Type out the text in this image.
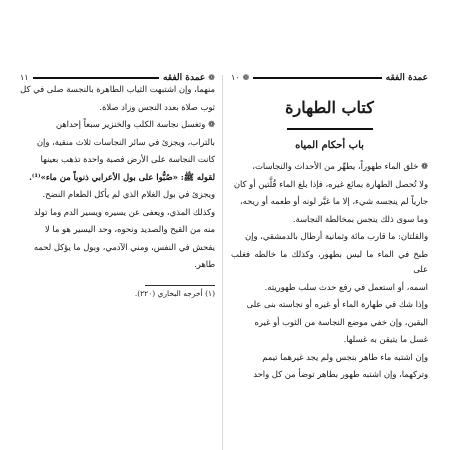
عمدة الفقه
❁
١٠
كتاب الطهارة
باب أحكام المياه

❁ خلق الماء طهوراً، يطهِّر من الأحداث والنجاسات،

ولا تُحصل الطهارة بمائع غيره، فإذا بلغ الماء قُلَّتين أو كان

جارياً لم ينجسه شيء، إلا ما غيَّر لونه أو طعمه أو ريحه،

وما سوى ذلك ينجس بمخالطة النجاسة.

والقلتان: ما قارب مائة وثمانية أرطال بالدمشقي، وإن

طبخ في الماء ما ليس بطهور، وكذلك ما خالطه فغلب على

اسمه، أو استعمل في رفع حدث سلب طهوريته.

وإذا شك في طهارة الماء أو غيره أو نجاسته بنى على

اليقين، وإن خفي موضع النجاسة من الثوب أو غيره

غسل ما يتيقن به غسلها.

وإن اشتبه ماء طاهر بنجس ولم يجد غيرهما تيمم

وتركهما، وإن اشتبه طهور بطاهر توضأ من كل واحد

❁
عمدة الفقه
١١

منهما، وإن اشتبهت الثياب الطاهرة بالنجسة صلى في كل

ثوب صلاة بعدد النجس وزاد صلاة.

❁ وتغسل نجاسة الكلب والخنزير سبعاً إحداهن

بالتراب، ويجزئ في سائر النجاسات ثلاث منقية، وإن

كانت النجاسة على الأرض فصبة واحدة تذهب بعينها

لقوله ﷺ: «صُبُّوا على بول الأعرابي ذنوباً من ماء»⁽¹⁾.

ويجزئ في بول الغلام الذي لم يأكل الطعام النضح.

وكذلك المذي، ويعفى عن يسيره ويسير الدم وما تولد

منه من القيح والصديد ونحوه، وحد اليسير هو ما لا

يفحش في النفس، ومني الآدمي، وبول ما يؤكل لحمه

طاهر.

(١) أخرجه البخاري (٢٢٠).
